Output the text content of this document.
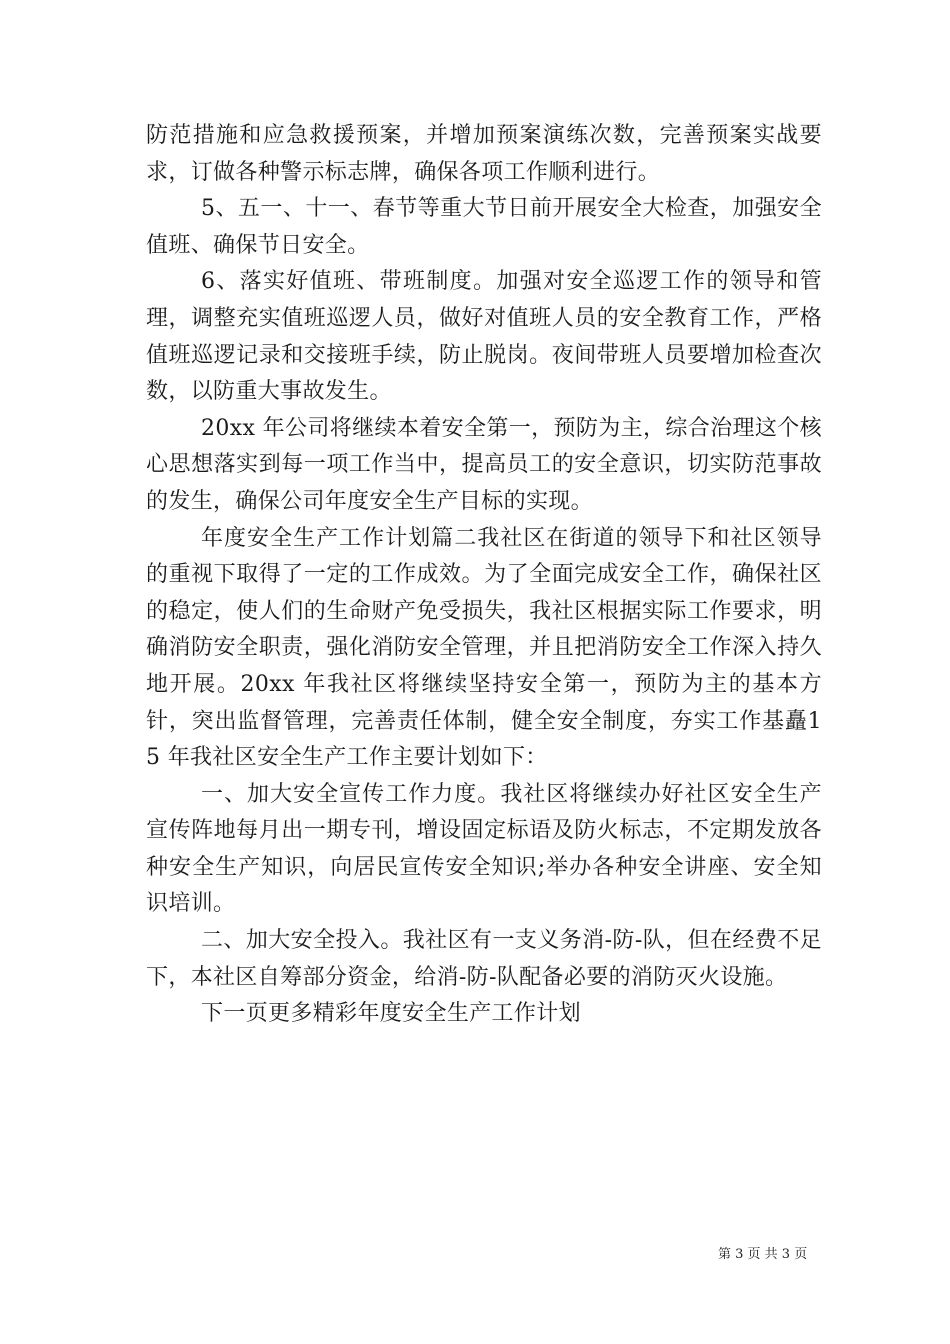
防范措施和应急救援预案，并增加预案演练次数，完善预案实战要求，订做各种警示标志牌，确保各项工作顺利进行。

5、五一、十一、春节等重大节日前开展安全大检查，加强安全值班、确保节日安全。

6、落实好值班、带班制度。加强对安全巡逻工作的领导和管理，调整充实值班巡逻人员，做好对值班人员的安全教育工作，严格值班巡逻记录和交接班手续，防止脱岗。夜间带班人员要增加检查次数，以防重大事故发生。

20xx 年公司将继续本着安全第一，预防为主，综合治理这个核心思想落实到每一项工作当中，提高员工的安全意识，切实防范事故的发生，确保公司年度安全生产目标的实现。

年度安全生产工作计划篇二我社区在街道的领导下和社区领导的重视下取得了一定的工作成效。为了全面完成安全工作，确保社区的稳定，使人们的生命财产免受损失，我社区根据实际工作要求，明确消防安全职责，强化消防安全管理，并且把消防安全工作深入持久地开展。20xx 年我社区将继续坚持安全第一，预防为主的基本方针，突出监督管理，完善责任体制，健全安全制度，夯实工作基矗15 年我社区安全生产工作主要计划如下：

一、加大安全宣传工作力度。我社区将继续办好社区安全生产宣传阵地每月出一期专刊，增设固定标语及防火标志，不定期发放各种安全生产知识，向居民宣传安全知识;举办各种安全讲座、安全知识培训。

二、加大安全投入。我社区有一支义务消-防-队，但在经费不足下，本社区自筹部分资金，给消-防-队配备必要的消防灭火设施。

下一页更多精彩年度安全生产工作计划

第 3 页 共 3 页
